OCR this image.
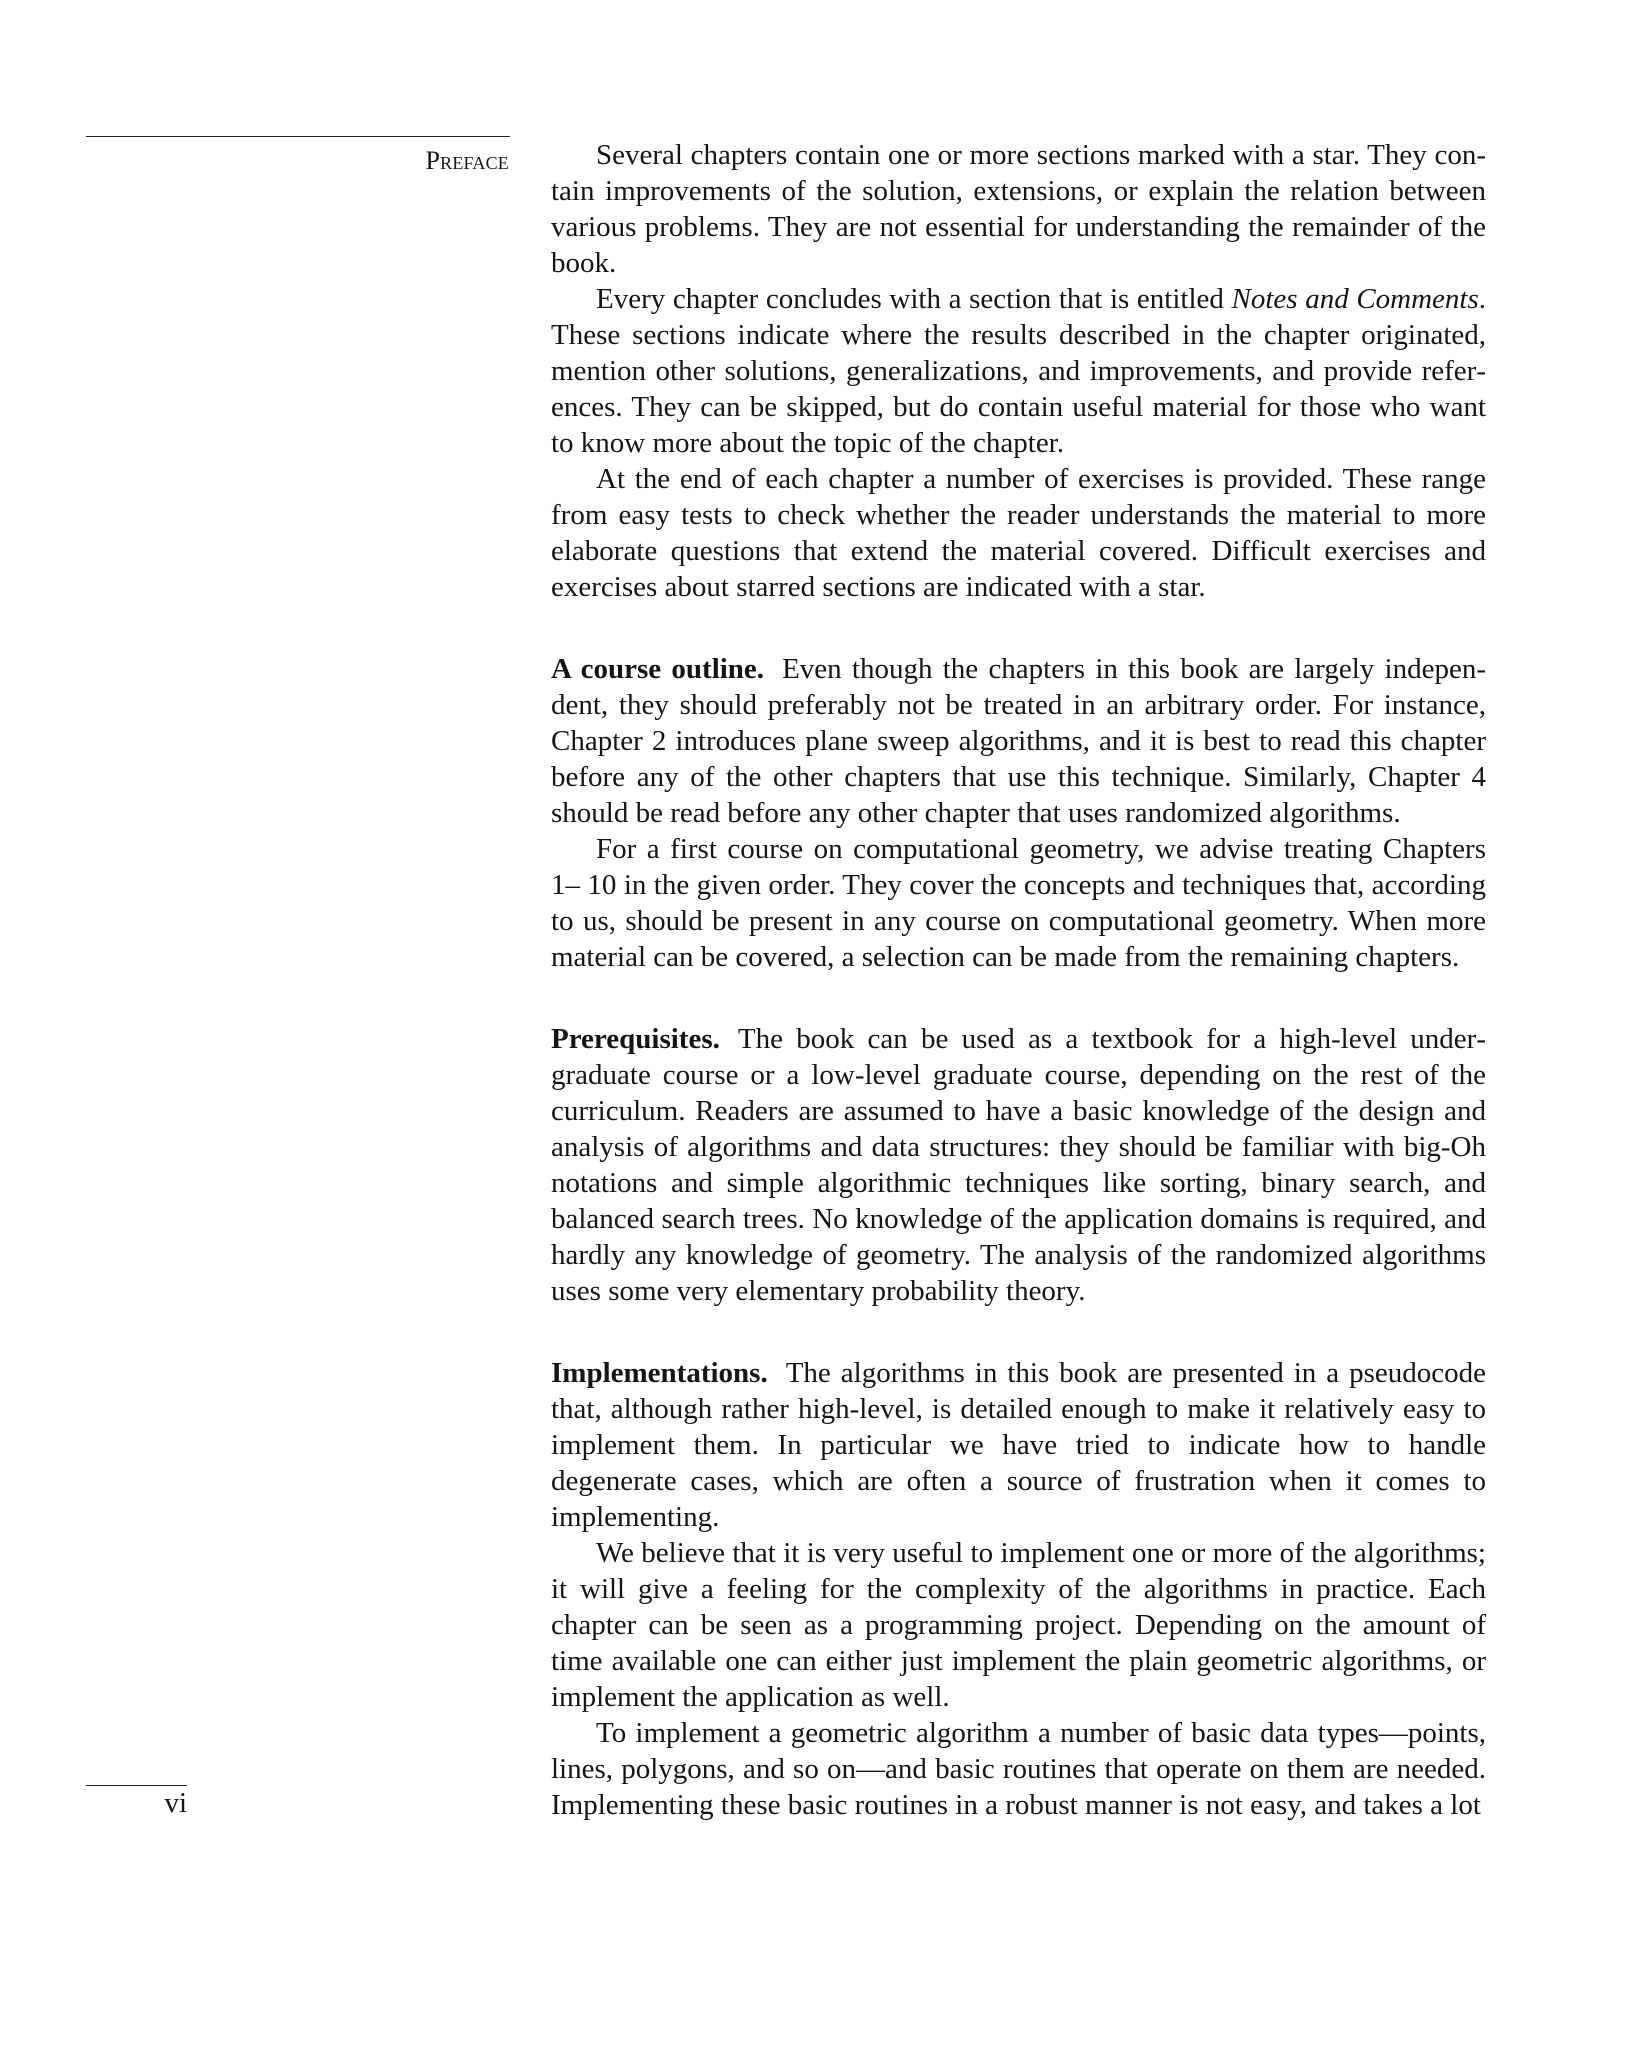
Preface	Several chapters contain one or more sections marked with a star. They contain improvements of the solution, extensions, or explain the relation between various problems. They are not essential for understanding the remainder of the book.

Every chapter concludes with a section that is entitled Notes and Comments. These sections indicate where the results described in the chapter originated, mention other solutions, generalizations, and improvements, and provide references. They can be skipped, but do contain useful material for those who want to know more about the topic of the chapter.

At the end of each chapter a number of exercises is provided. These range from easy tests to check whether the reader understands the material to more elaborate questions that extend the material covered. Difficult exercises and exercises about starred sections are indicated with a star.

A course outline. Even though the chapters in this book are largely independent, they should preferably not be treated in an arbitrary order. For instance, Chapter 2 introduces plane sweep algorithms, and it is best to read this chapter before any of the other chapters that use this technique. Similarly, Chapter 4 should be read before any other chapter that uses randomized algorithms.

For a first course on computational geometry, we advise treating Chapters 1– 10 in the given order. They cover the concepts and techniques that, according to us, should be present in any course on computational geometry. When more material can be covered, a selection can be made from the remaining chapters.

Prerequisites. The book can be used as a textbook for a high-level undergraduate course or a low-level graduate course, depending on the rest of the curriculum. Readers are assumed to have a basic knowledge of the design and analysis of algorithms and data structures: they should be familiar with big-Oh notations and simple algorithmic techniques like sorting, binary search, and balanced search trees. No knowledge of the application domains is required, and hardly any knowledge of geometry. The analysis of the randomized algorithms uses some very elementary probability theory.

Implementations. The algorithms in this book are presented in a pseudocode that, although rather high-level, is detailed enough to make it relatively easy to implement them. In particular we have tried to indicate how to handle degenerate cases, which are often a source of frustration when it comes to implementing.

We believe that it is very useful to implement one or more of the algorithms; it will give a feeling for the complexity of the algorithms in practice. Each chapter can be seen as a programming project. Depending on the amount of time available one can either just implement the plain geometric algorithms, or implement the application as well.

To implement a geometric algorithm a number of basic data types—points, lines, polygons, and so on—and basic routines that operate on them are needed. Implementing these basic routines in a robust manner is not easy, and takes a lot

vi
